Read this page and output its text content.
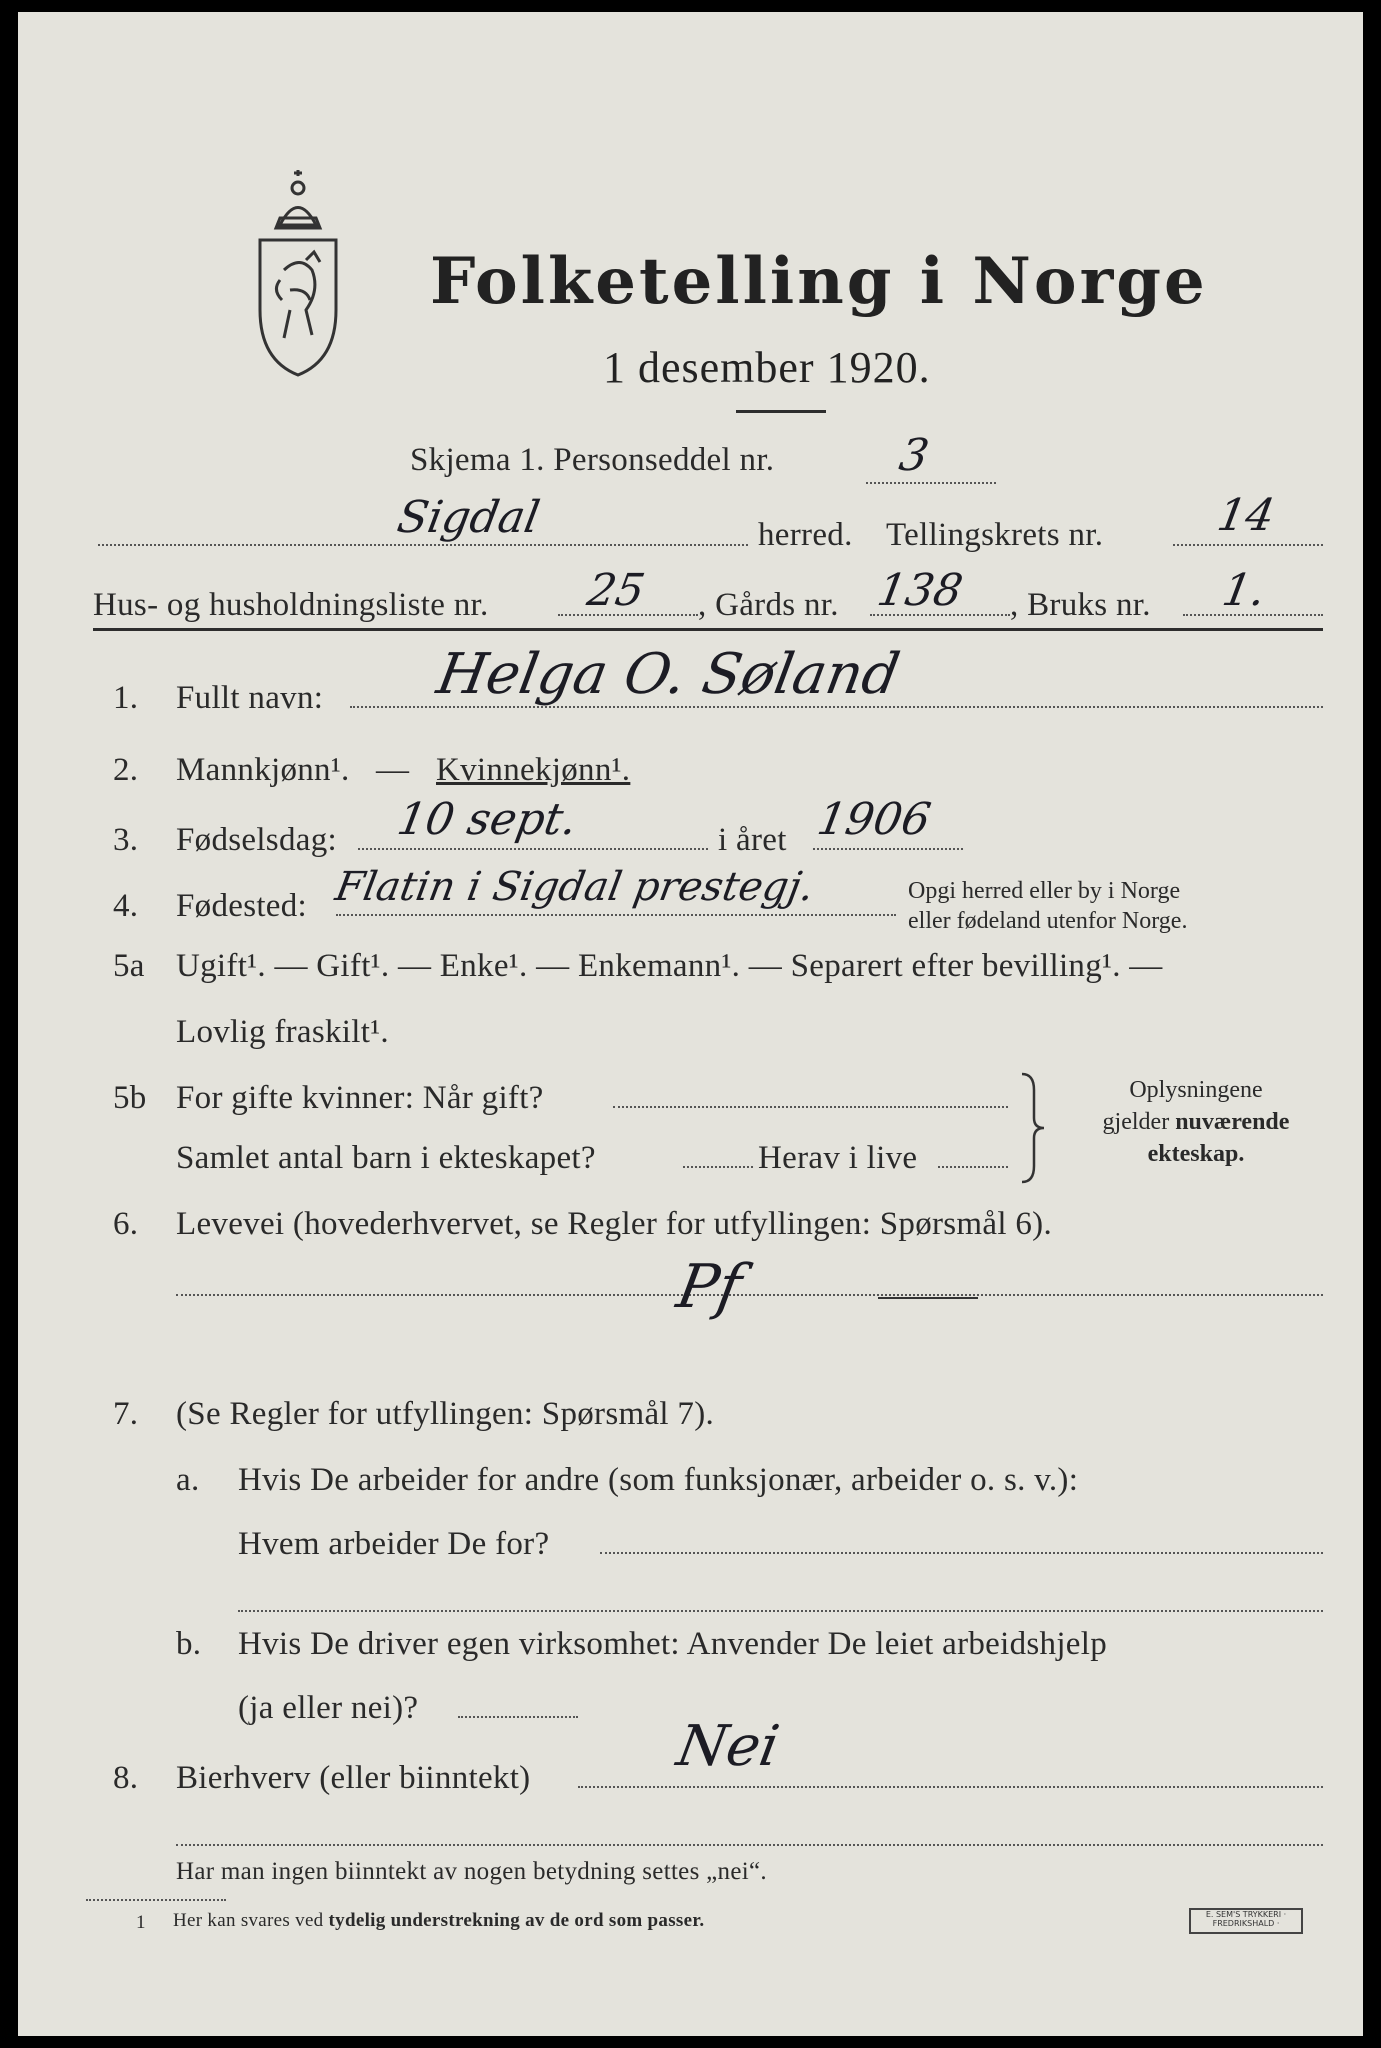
Folketelling i Norge
1 desember 1920.
Skjema 1. Personseddel nr.	3
Sigdal	herred. Tellingskrets nr.	14
Hus- og husholdningsliste nr. 25 , Gårds nr. 138 , Bruks nr. 1.
1. Fullt navn: Helga O. Søland
2. Mannkjønn¹. — Kvinnekjønn¹.
3. Fødselsdag: 10 sept.	i året 1906
4. Fødested: Flatin i Sigdal prestegj.	Opgi herred eller by i Norge
eller fødeland utenfor Norge.
5a Ugift¹. — Gift¹. — Enke¹. — Enkemann¹. — Separert efter bevilling¹. —
Lovlig fraskilt¹.
5b For gifte kvinner: Når gift?
Samlet antal barn i ekteskapet?	Herav i live
Oplysningene
gjelder nuværende
ekteskap.
6. Levevei (hovederhvervet, se Regler for utfyllingen: Spørsmål 6).
Pf
7. (Se Regler for utfyllingen: Spørsmål 7).
a. Hvis De arbeider for andre (som funksjonær, arbeider o. s. v.):
Hvem arbeider De for?
b. Hvis De driver egen virksomhet: Anvender De leiet arbeidshjelp
(ja eller nei)?
8. Bierhverv (eller biinntekt)	Nei
Har man ingen biinntekt av nogen betydning settes „nei“.
1 Her kan svares ved tydelig understrekning av de ord som passer.	E. SEM'S TRYKKERI · FREDRIKSHALD ·
